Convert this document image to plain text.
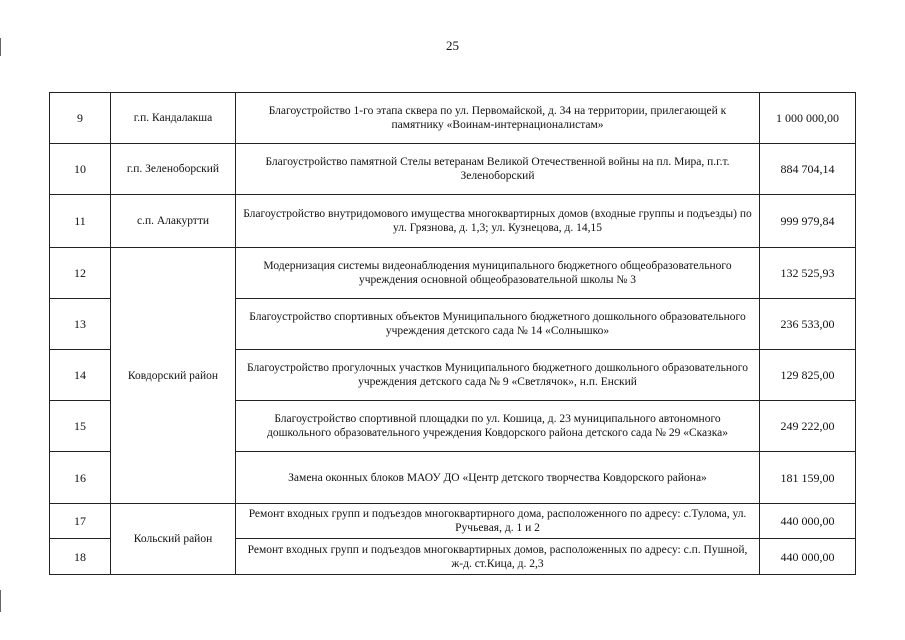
25
9	г.п. Кандалакша	Благоустройство 1-го этапа сквера по ул. Первомайской, д. 34 на территории, прилегающей к памятнику «Воинам-интернационалистам»	1 000 000,00
10	г.п. Зеленоборский	Благоустройство памятной Стелы ветеранам Великой Отечественной войны на пл. Мира, п.г.т. Зеленоборский	884 704,14
11	с.п. Алакуртти	Благоустройство внутридомового имущества многоквартирных домов (входные группы и подъезды) по ул. Грязнова, д. 1,3; ул. Кузнецова, д. 14,15	999 979,84
12	Ковдорский район	Модернизация системы видеонаблюдения муниципального бюджетного общеобразовательного учреждения основной общеобразовательной школы № 3	132 525,93
13		Благоустройство спортивных объектов Муниципального бюджетного дошкольного образовательного учреждения детского сада № 14 «Солнышко»	236 533,00
14		Благоустройство прогулочных участков Муниципального бюджетного дошкольного образовательного учреждения детского сада № 9 «Светлячок», н.п. Енский	129 825,00
15		Благоустройство спортивной площадки по ул. Кошица, д. 23 муниципального автономного дошкольного образовательного учреждения Ковдорского района детского сада № 29 «Сказка»	249 222,00
16		Замена оконных блоков МАОУ ДО «Центр детского творчества Ковдорского района»	181 159,00
17	Кольский район	Ремонт входных групп и подъездов многоквартирного дома, расположенного по адресу: с.Тулома, ул. Ручьевая, д. 1 и 2	440 000,00
18		Ремонт входных групп и подъездов многоквартирных домов, расположенных по адресу: с.п. Пушной, ж-д. ст.Кица, д. 2,3	440 000,00
